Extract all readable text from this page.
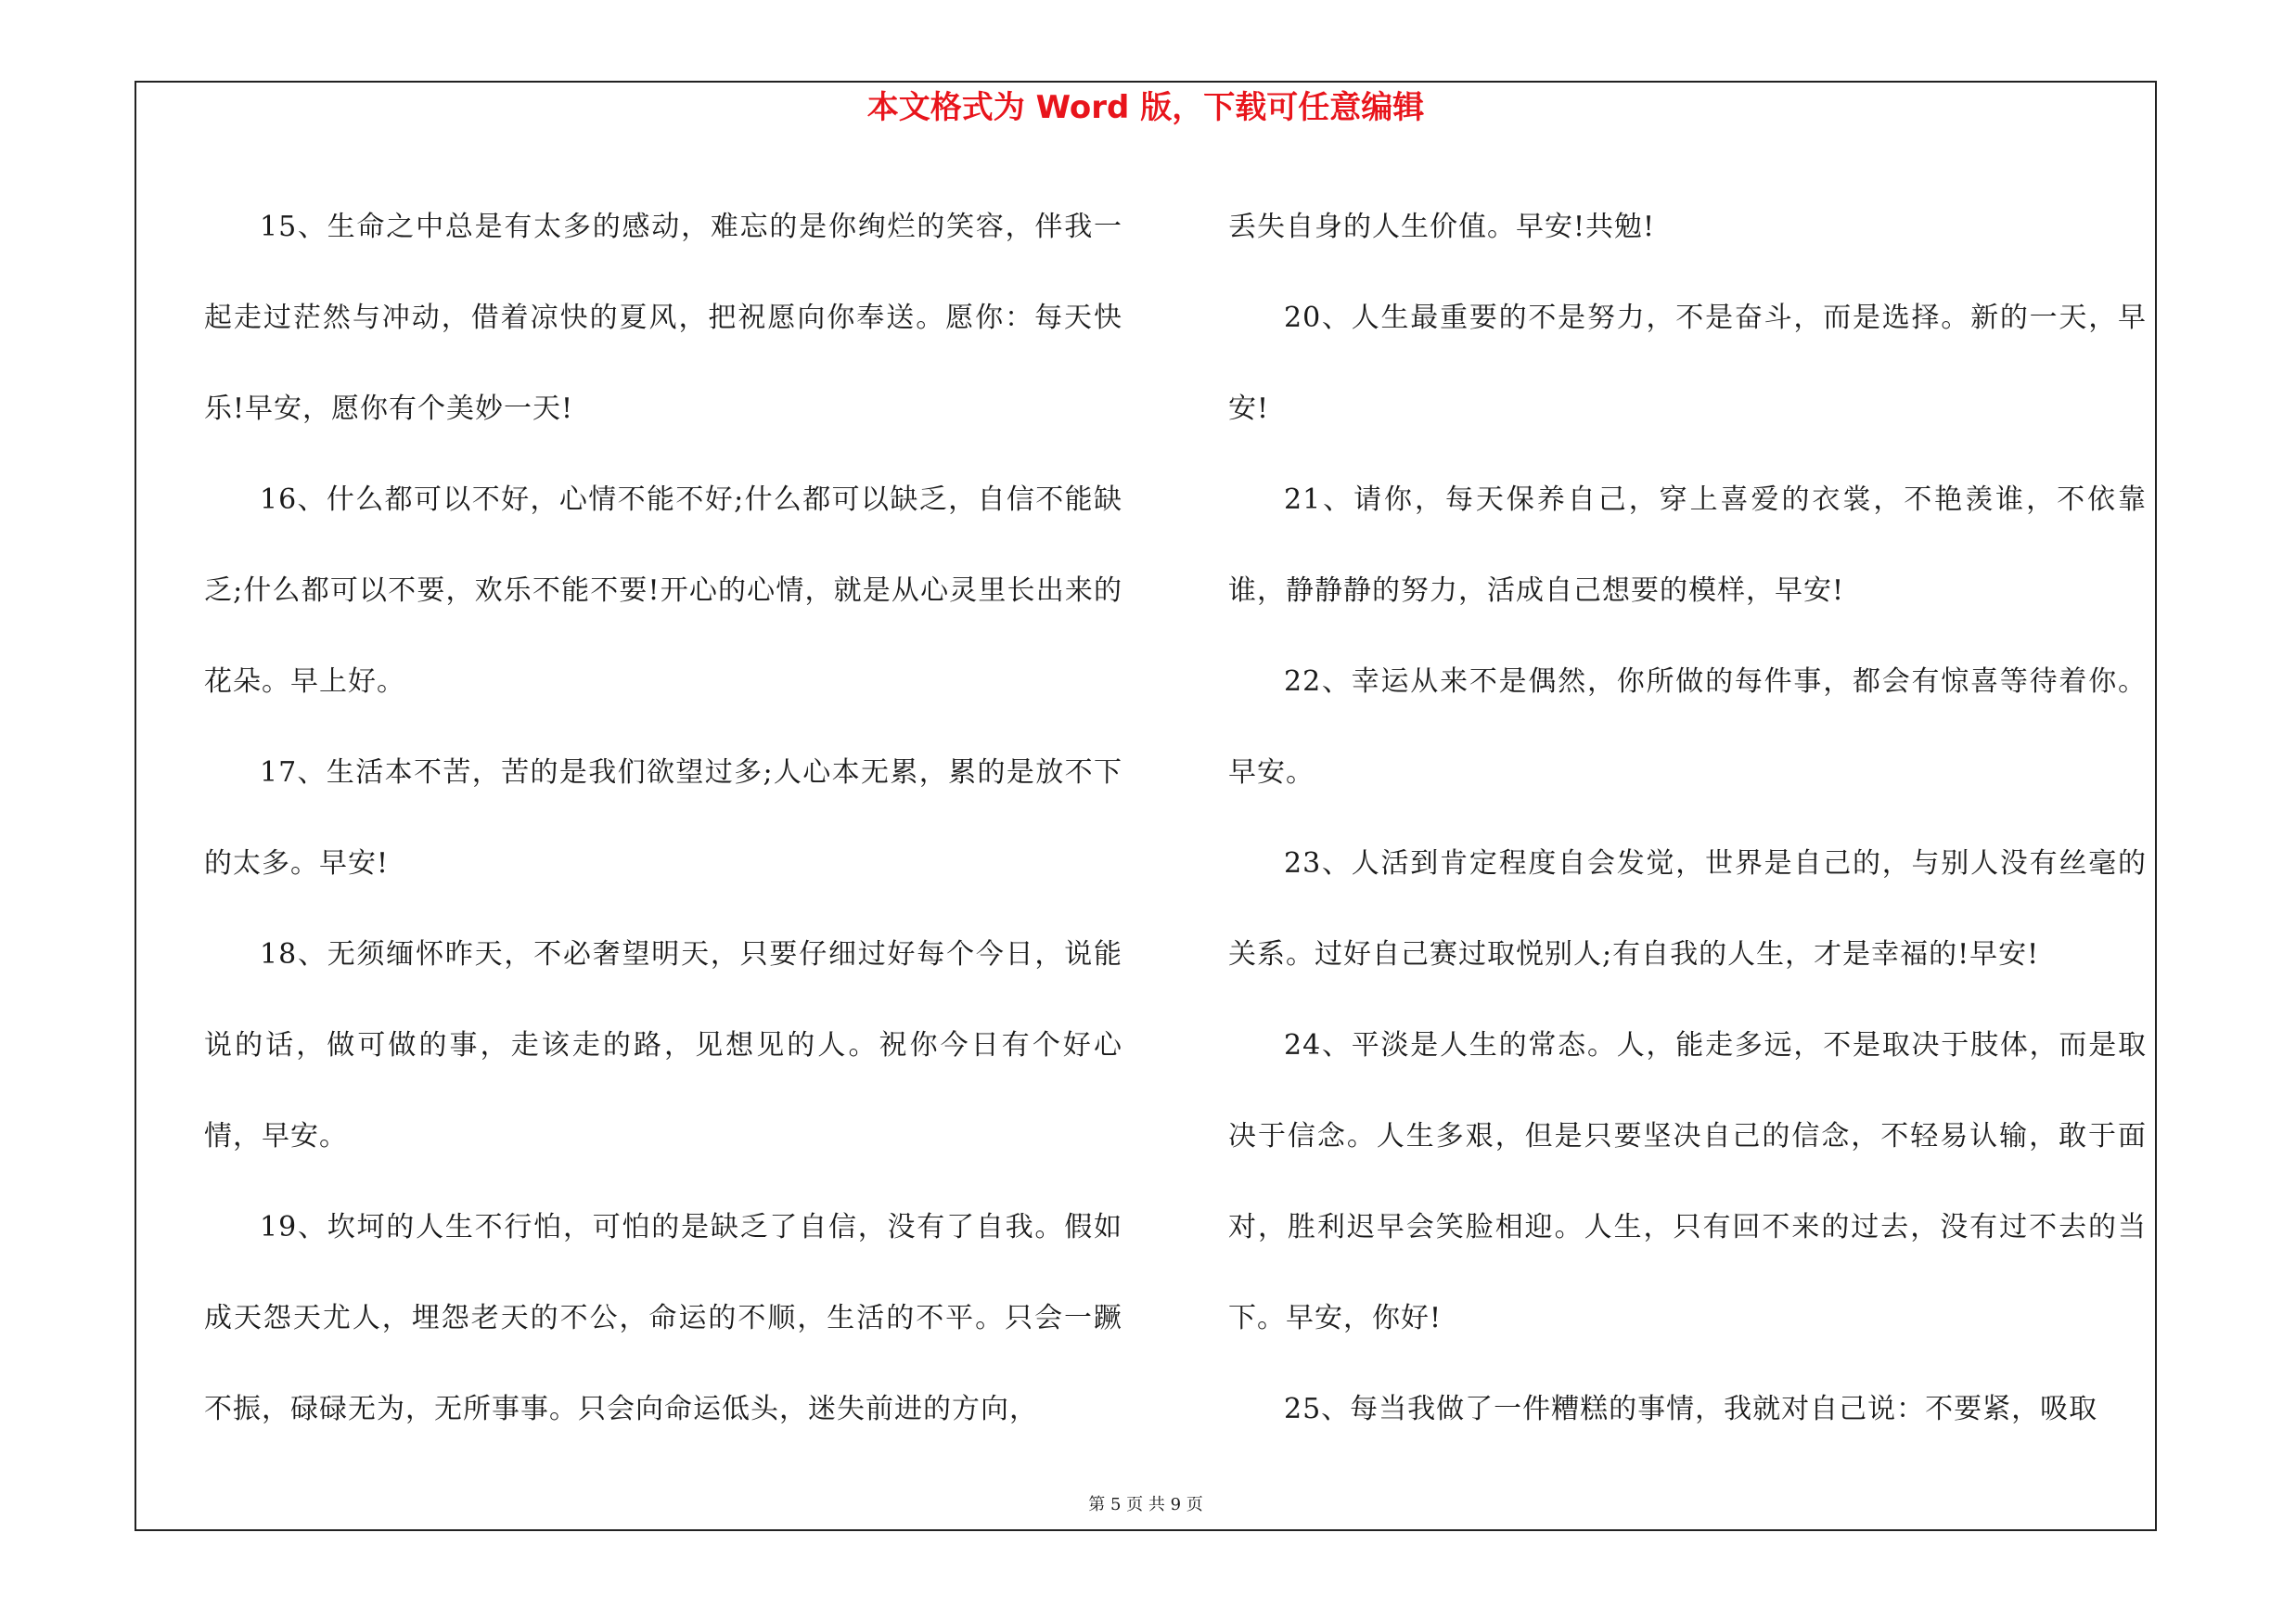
本文格式为 Word 版，下载可任意编辑

15、生命之中总是有太多的感动，难忘的是你绚烂的笑容，伴我一起走过茫然与冲动，借着凉快的夏风，把祝愿向你奉送。愿你：每天快乐!早安，愿你有个美妙一天!

16、什么都可以不好，心情不能不好;什么都可以缺乏，自信不能缺乏;什么都可以不要，欢乐不能不要!开心的心情，就是从心灵里长出来的花朵。早上好。

17、生活本不苦，苦的是我们欲望过多;人心本无累，累的是放不下的太多。早安!

18、无须缅怀昨天，不必奢望明天，只要仔细过好每个今日，说能说的话，做可做的事，走该走的路，见想见的人。祝你今日有个好心情，早安。

19、坎坷的人生不行怕，可怕的是缺乏了自信，没有了自我。假如成天怨天尤人，埋怨老天的不公，命运的不顺，生活的不平。只会一蹶不振，碌碌无为，无所事事。只会向命运低头，迷失前进的方向，

丢失自身的人生价值。早安!共勉!

20、人生最重要的不是努力，不是奋斗，而是选择。新的一天，早安!

21、请你，每天保养自己，穿上喜爱的衣裳，不艳羡谁，不依靠谁，静静静的努力，活成自己想要的模样，早安!

22、幸运从来不是偶然，你所做的每件事，都会有惊喜等待着你。早安。

23、人活到肯定程度自会发觉，世界是自己的，与别人没有丝毫的关系。过好自己赛过取悦别人;有自我的人生，才是幸福的!早安!

24、平淡是人生的常态。人，能走多远，不是取决于肢体，而是取决于信念。人生多艰，但是只要坚决自己的信念，不轻易认输，敢于面对，胜利迟早会笑脸相迎。人生，只有回不来的过去，没有过不去的当下。早安，你好!

25、每当我做了一件糟糕的事情，我就对自己说：不要紧，吸取

第 5 页 共 9 页
